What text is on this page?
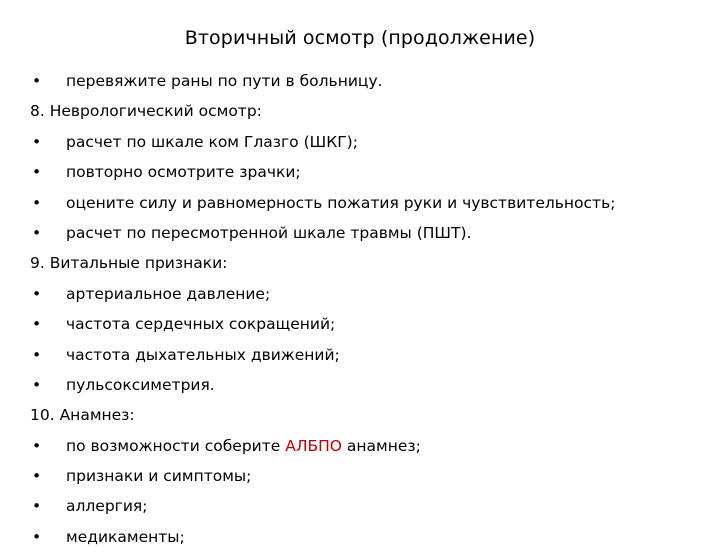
Вторичный осмотр (продолжение)
• перевяжите раны по пути в больницу.
8. Неврологический осмотр:
• расчет по шкале ком Глазго (ШКГ);
• повторно осмотрите зрачки;
• оцените силу и равномерность пожатия руки и чувствительность;
• расчет по пересмотренной шкале травмы (ПШТ).
9. Витальные признаки:
• артериальное давление;
• частота сердечных сокращений;
• частота дыхательных движений;
• пульсоксиметрия.
10. Анамнез:
• по возможности соберите АЛБПО анамнез;
• признаки и симптомы;
• аллергия;
• медикаменты;
